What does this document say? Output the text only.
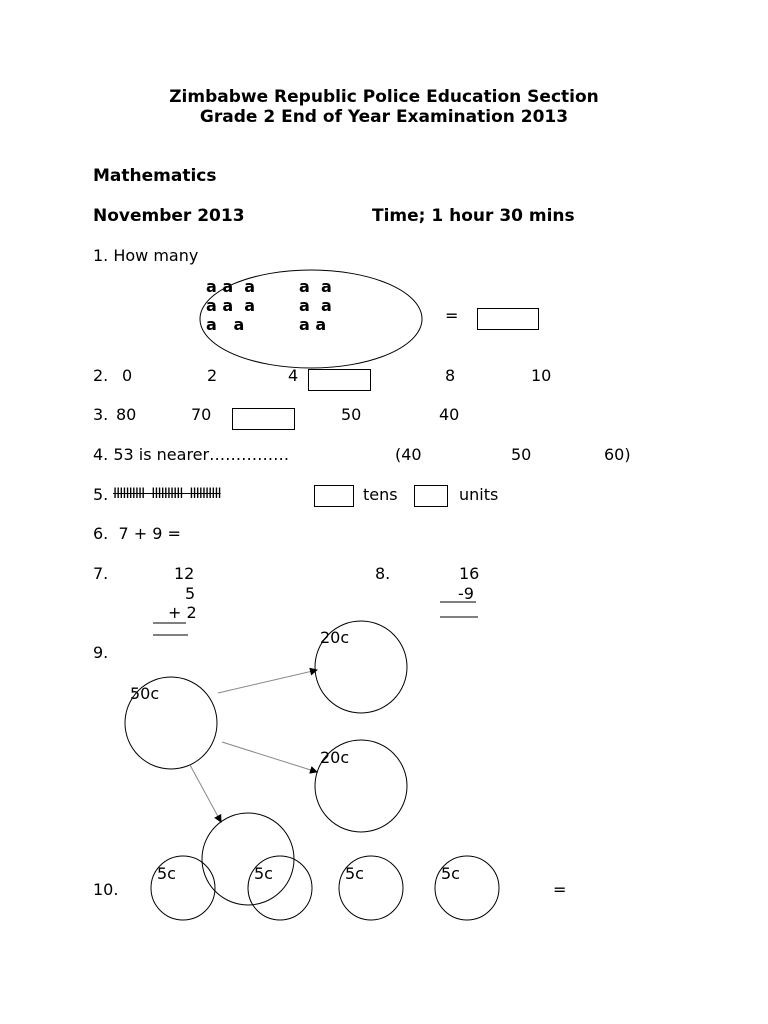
Zimbabwe Republic Police Education Section
Grade 2 End of Year Examination 2013
Mathematics
November 2013	Time; 1 hour 30 mins
1. How many
a a  a
a a  a
a   a
a  a
a  a
a a	=
2. 0	2	4	8	10
3. 80	70	50	40
4. 53 is nearer……………	(40	50	60)
5. IIIIIIIIII  IIIIIIIIII  IIIIIIIIII	tens	units
6.  7 + 9 =
7.	12
5
+ 2
8.	16
-9
9.
20c
50c
20c
10.
5c	5c	5c	5c
=
